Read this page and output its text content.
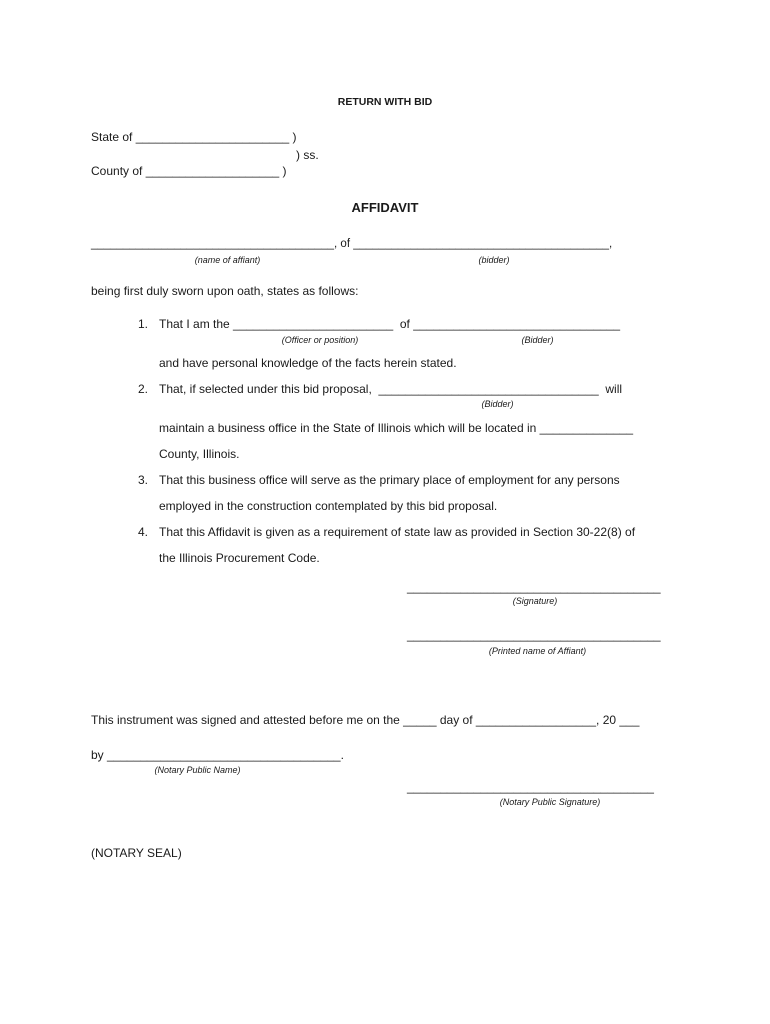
RETURN WITH BID
State of _______________________ )
) ss.
County of ____________________ )
AFFIDAVIT
______________________________________, of ________________________________________,
(name of affiant)	(bidder)
being first duly sworn upon oath, states as follows:
1. That I am the ________________________  of _______________________________
(Officer or position)	(Bidder)
and have personal knowledge of the facts herein stated.
2. That, if selected under this bid proposal,  _________________________________  will
(Bidder)
maintain a business office in the State of Illinois which will be located in ______________
County, Illinois.
3. That this business office will serve as the primary place of employment for any persons
employed in the construction contemplated by this bid proposal.
4. That this Affidavit is given as a requirement of state law as provided in Section 30-22(8) of
the Illinois Procurement Code.
______________________________________
(Signature)
______________________________________
(Printed name of Affiant)
This instrument was signed and attested before me on the _____ day of __________________, 20 ___
by ___________________________________.
(Notary Public Name)
_____________________________________
(Notary Public Signature)
(NOTARY SEAL)
